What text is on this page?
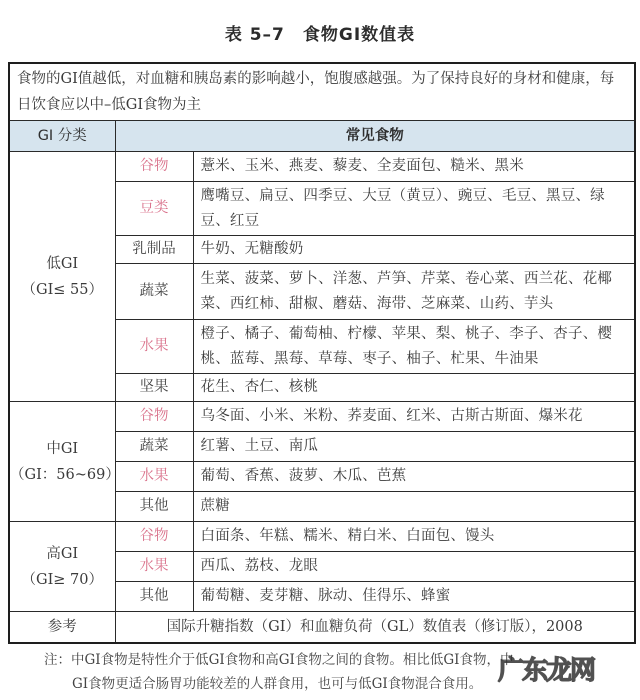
表 5–7　食物GI数值表
食物的GI值越低，对血糖和胰岛素的影响越小，饱腹感越强。为了保持良好的身材和健康，每日饮食应以中–低GI食物为主		
GI 分类	常见食物	

低GI
（GI≤ 55）	谷物	薏米、玉米、燕麦、藜麦、全麦面包、糙米、黑米
	豆类	鹰嘴豆、扁豆、四季豆、大豆（黄豆）、豌豆、毛豆、黑豆、绿豆、红豆
	乳制品	牛奶、无糖酸奶
	蔬菜	生菜、菠菜、萝卜、洋葱、芦笋、芹菜、卷心菜、西兰花、花椰菜、西红柿、甜椒、蘑菇、海带、芝麻菜、山药、芋头
	水果	橙子、橘子、葡萄柚、柠檬、苹果、梨、桃子、李子、杏子、樱桃、蓝莓、黑莓、草莓、枣子、柚子、杧果、牛油果
	坚果	花生、杏仁、核桃

中GI
（GI：56~69）	谷物	乌冬面、小米、米粉、荞麦面、红米、古斯古斯面、爆米花
	蔬菜	红薯、土豆、南瓜
	水果	葡萄、香蕉、菠萝、木瓜、芭蕉
	其他	蔗糖

高GI
（GI≥ 70）	谷物	白面条、年糕、糯米、精白米、白面包、馒头
	水果	西瓜、荔枝、龙眼
	其他	葡萄糖、麦芽糖、脉动、佳得乐、蜂蜜
参考	国际升糖指数（GI）和血糖负荷（GL）数值表（修订版），2008	
注：中GI食物是特性介于低GI食物和高GI食物之间的食物。相比低GI食物，中
GI食物更适合肠胃功能较差的人群食用，也可与低GI食物混合食用。 广东龙网
